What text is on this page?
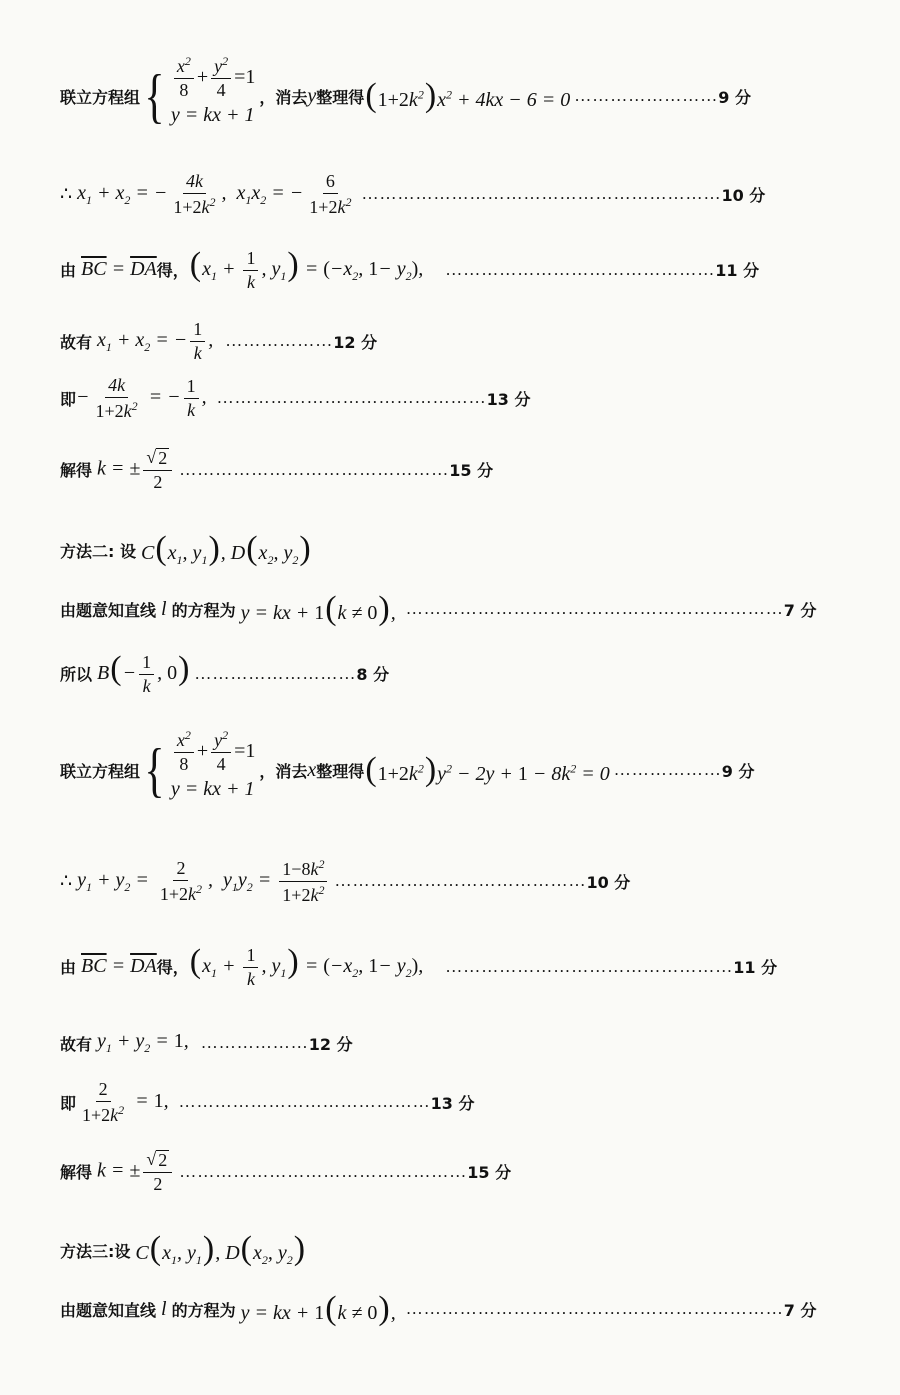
联立方程组 { $\frac{x^2}{8} + \frac{y^2}{4} =1$
y = kx + 1
，消去 y 整理得 $(1+2k^2)x^2 + 4kx - 6 = 0$ …………………… 9 分
∴ $x_1 + x_2$ = − $\frac{4k}{1+2k^2}$ ,  $x_1x_2$ = − $\frac{6}{1+2k^2}$ …………………………………………………… 10 分
由 $\overline{BC} = \overline{DA}$ 得， ($x_1 + \frac{1}{k}$ , $y_1) = (-x_2$, $1- y_2$), ……………………………………… 11 分
故有 $x_1 + x_2$ = − $\frac{1}{k}$ , ……………… 12 分
即 − $\frac{4k}{1+2k^2}$ = − $\frac{1}{k}$ , ……………………………………… 13 分
解得 k = ± $\frac{√ 2}{2}$ ……………………………………… 15 分
方法二: 设 $C(x_1$, $y_1$), $D(x_2$, $y_2$)
由题意知直线 l 的方程为 y = kx + 1(k ≠ 0), ……………………………………………………… 7 分
所以 $B(- \frac{1}{k}$ , 0) ……………………… 8 分
联立方程组 { $\frac{x^2}{8} + \frac{y^2}{4} =1$
y = kx + 1
，消去 x 整理得 $(1+2k^2)y^2 - 2y + 1 - 8k^2 = 0$ ……………… 9 分
∴ $y_1 + y_2 = \frac{2}{1+2k^2}$ ,  $y_1y_2 = \frac{1-8k^2}{1+2k^2}$ …………………………………… 10 分
由 $\overline{BC} = \overline{DA}$ 得， ($x_1 + \frac{1}{k}$ , $y_1) = (-x_2$, $1- y_2$), ………………………………………… 11 分
故有 $y_1 + y_2 = 1$, ……………… 12 分
即 $\frac{2}{1+2k^2} = 1$, …………………………………… 13 分
解得 k = ± $\frac{√ 2}{2}$ ………………………………………… 15 分
方法三:设 $C(x_1$, $y_1$), $D(x_2$, $y_2$)
由题意知直线 l 的方程为 y = kx + 1(k ≠ 0), ……………………………………………………… 7 分
